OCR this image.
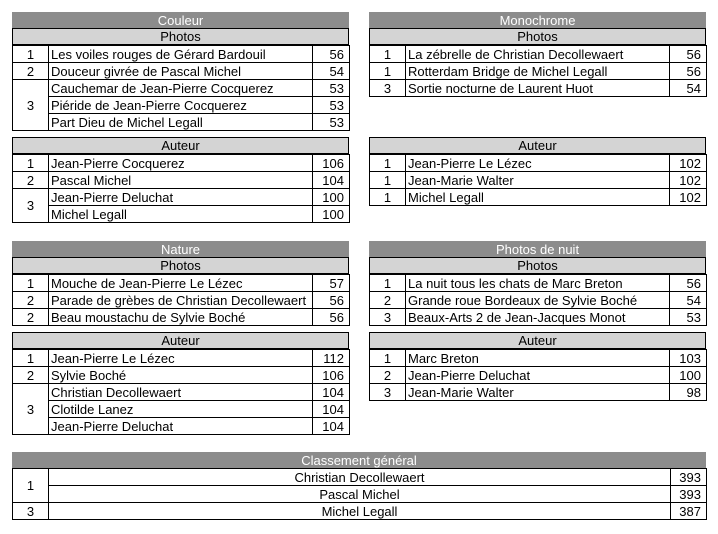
Couleur
Photos
1	Les voiles rouges de Gérard Bardouil	56
2	Douceur givrée de Pascal Michel	54
3	Cauchemar de Jean-Pierre Cocquerez	53
	Piéride de Jean-Pierre Cocquerez	53
	Part Dieu de Michel Legall	53
Auteur
1	Jean-Pierre Cocquerez	106
2	Pascal Michel	104
3	Jean-Pierre Deluchat	100
	Michel Legall	100
Monochrome
Photos
1	La zébrelle de Christian Decollewaert	56
1	Rotterdam Bridge de Michel Legall	56
3	Sortie nocturne de Laurent Huot	54
Auteur
1	Jean-Pierre Le Lézec	102
1	Jean-Marie Walter	102
1	Michel Legall	102
Nature
Photos
1	Mouche de Jean-Pierre Le Lézec	57
2	Parade de grèbes de Christian Decollewaert	56
2	Beau moustachu de Sylvie Boché	56
Auteur
1	Jean-Pierre Le Lézec	112
2	Sylvie Boché	106
3	Christian Decollewaert	104
	Clotilde Lanez	104
	Jean-Pierre Deluchat	104
Photos de nuit
Photos
1	La nuit tous les chats de Marc Breton	56
2	Grande roue Bordeaux de Sylvie Boché	54
3	Beaux-Arts 2 de Jean-Jacques Monot	53
Auteur
1	Marc Breton	103
2	Jean-Pierre Deluchat	100
3	Jean-Marie Walter	98
Classement général
1	Christian Decollewaert	393
	Pascal Michel	393
3	Michel Legall	387
